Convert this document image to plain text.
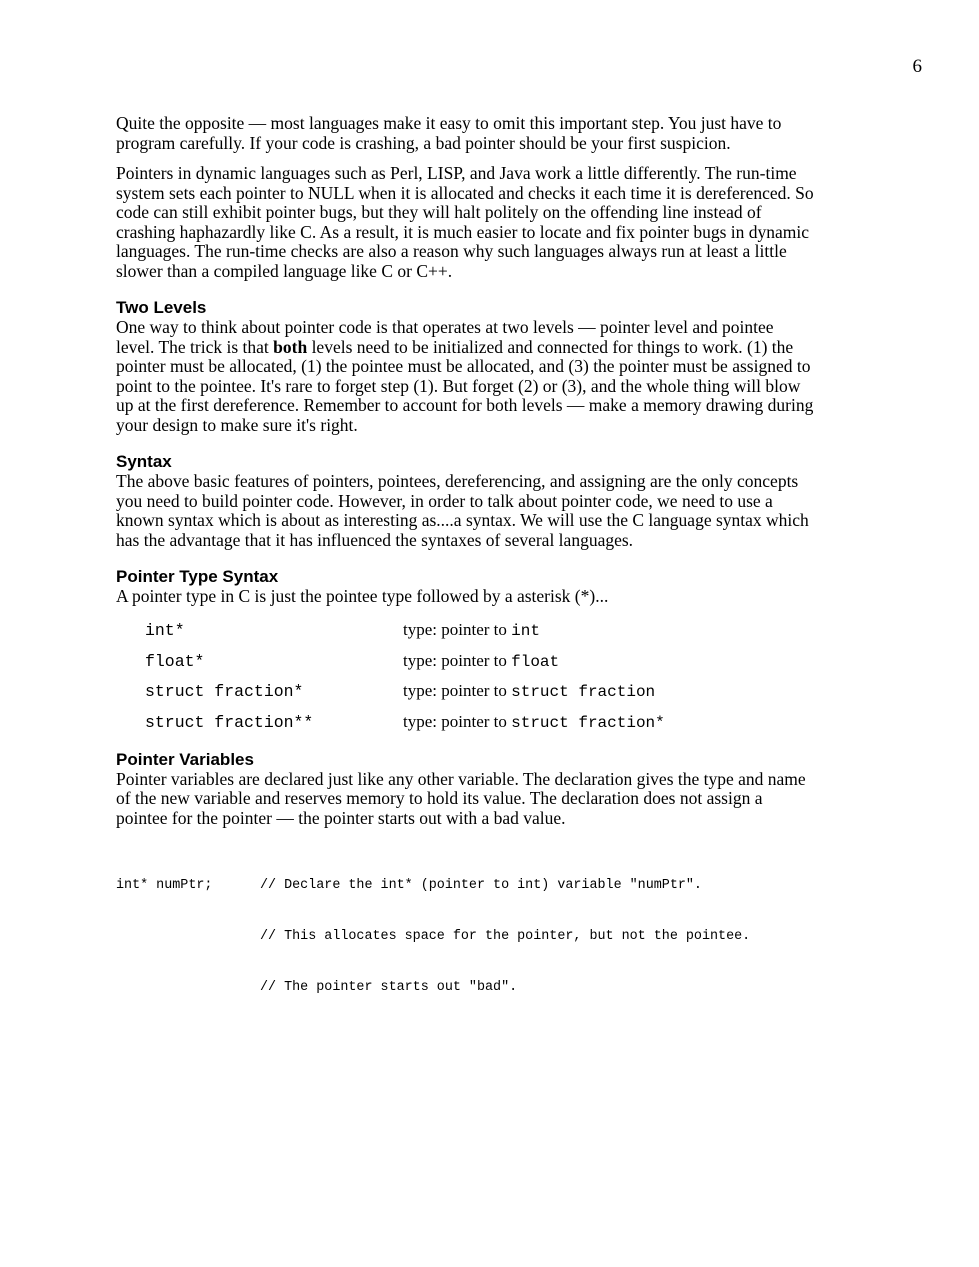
6

Quite the opposite — most languages make it easy to omit this important step. You just have to program carefully. If your code is crashing, a bad pointer should be your first suspicion.

Pointers in dynamic languages such as Perl, LISP, and Java work a little differently. The run-time system sets each pointer to NULL when it is allocated and checks it each time it is dereferenced. So code can still exhibit pointer bugs, but they will halt politely on the offending line instead of crashing haphazardly like C. As a result, it is much easier to locate and fix pointer bugs in dynamic languages. The run-time checks are also a reason why such languages always run at least a little slower than a compiled language like C or C++.

Two Levels

One way to think about pointer code is that operates at two levels — pointer level and pointee level. The trick is that both levels need to be initialized and connected for things to work. (1) the pointer must be allocated, (1) the pointee must be allocated, and (3) the pointer must be assigned to point to the pointee. It's rare to forget step (1). But forget (2) or (3), and the whole thing will blow up at the first dereference. Remember to account for both levels — make a memory drawing during your design to make sure it's right.

Syntax

The above basic features of pointers, pointees, dereferencing, and assigning are the only concepts you need to build pointer code. However, in order to talk about pointer code, we need to use a known syntax which is about as interesting as....a syntax. We will use the C language syntax which has the advantage that it has influenced the syntaxes of several languages.

Pointer Type Syntax

A pointer type in C is just the pointee type followed by a asterisk (*)...

int*	type: pointer to int
float*	type: pointer to float
struct fraction*	type: pointer to struct fraction
struct fraction**	type: pointer to struct fraction*
Pointer Variables

Pointer variables are declared just like any other variable. The declaration gives the type and name of the new variable and reserves memory to hold its value. The declaration does not assign a pointee for the pointer — the pointer starts out with a bad value.

int* numPtr;	// Declare the int* (pointer to int) variable "numPtr".

// This allocates space for the pointer, but not the pointee.

// The pointer starts out "bad".
